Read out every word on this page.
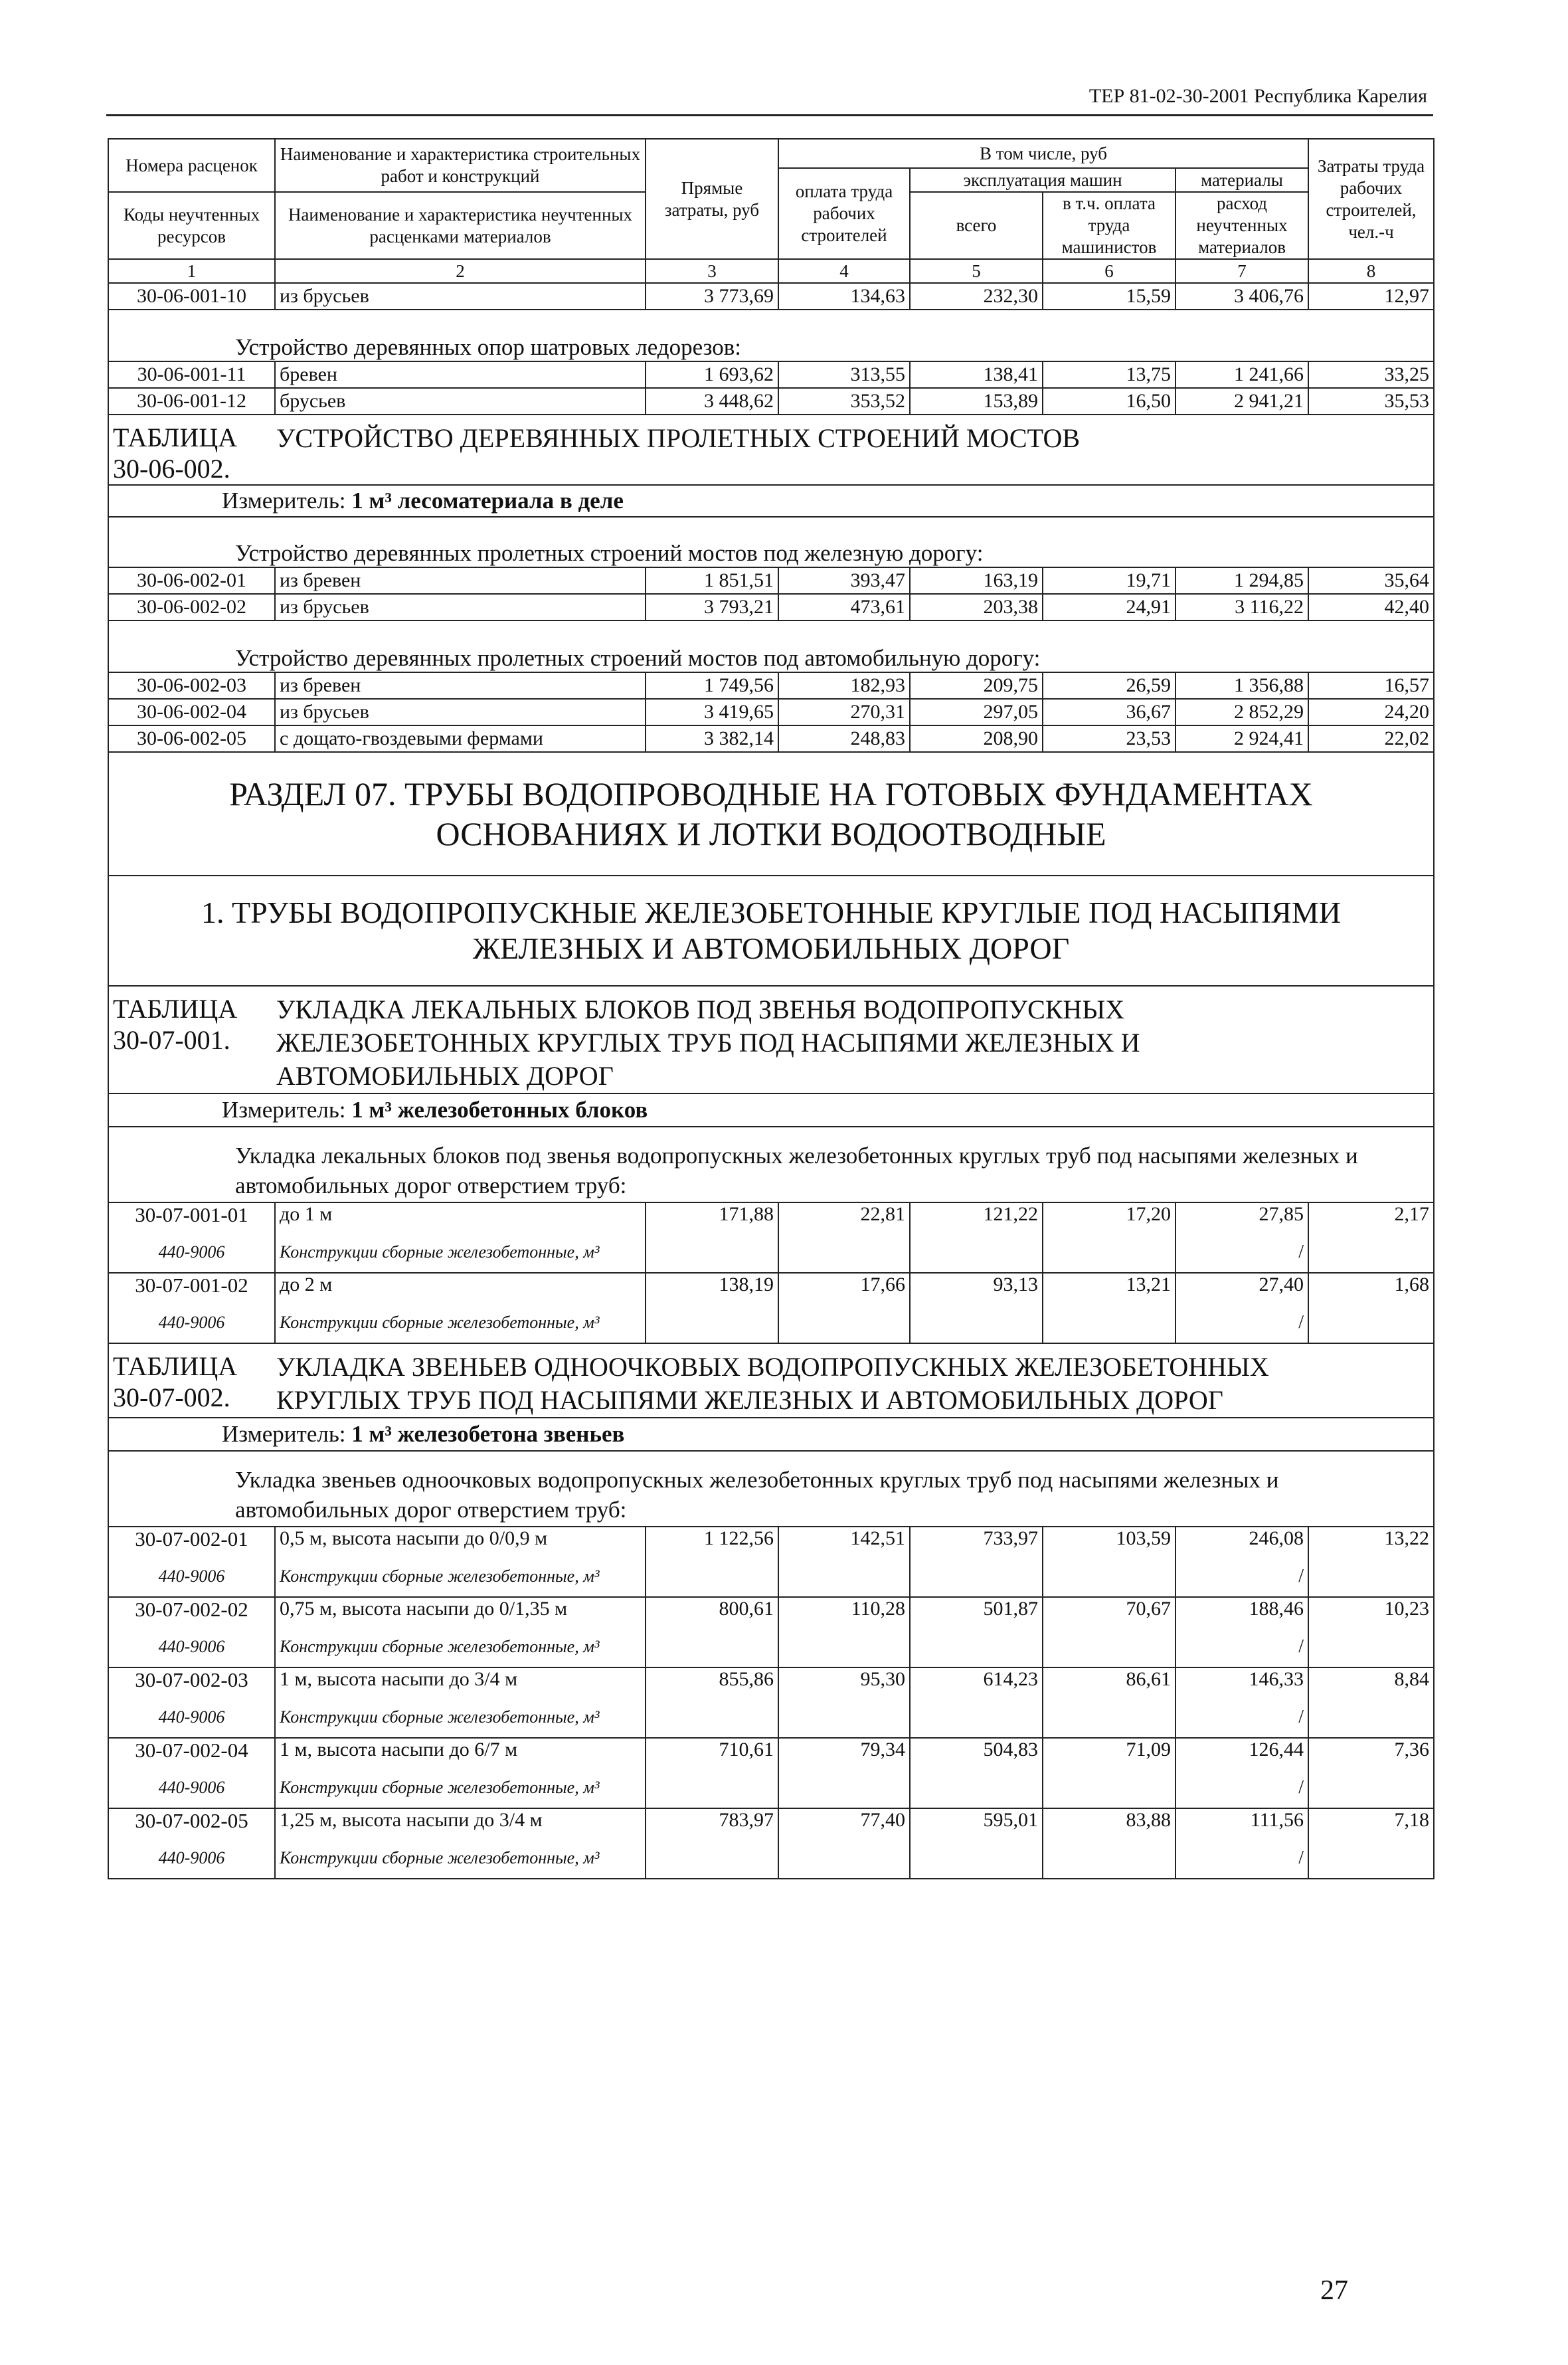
ТЕР 81-02-30-2001 Республика Карелия
Номера расценок	Наименование и характеристика строительных работ и конструкций	Прямые затраты, руб	В том числе, руб				Затраты труда рабочих строителей, чел.-ч
			оплата труда рабочих строителей	эксплуатация машин		материалы	
Коды неучтенных ресурсов	Наименование и характеристика неучтенных расценками материалов			всего	в т.ч. оплата труда машинистов	расход неучтенных материалов	

1	2	3	4	5	6	7	8
30-06-001-10	из брусьев	3 773,69	134,63	232,30	15,59	3 406,76	12,97
Устройство деревянных опор шатровых ледорезов:							
30-06-001-11	бревен	1 693,62	313,55	138,41	13,75	1 241,66	33,25
30-06-001-12	брусьев	3 448,62	353,52	153,89	16,50	2 941,21	35,53
ТАБЛИЦА 30-06-002.УСТРОЙСТВО ДЕРЕВЯННЫХ ПРОЛЕТНЫХ СТРОЕНИЙ МОСТОВ							
Измеритель: 1 м³ лесоматериала в деле							
Устройство деревянных пролетных строений мостов под железную дорогу:							
30-06-002-01	из бревен	1 851,51	393,47	163,19	19,71	1 294,85	35,64
30-06-002-02	из брусьев	3 793,21	473,61	203,38	24,91	3 116,22	42,40
Устройство деревянных пролетных строений мостов под автомобильную дорогу:							
30-06-002-03	из бревен	1 749,56	182,93	209,75	26,59	1 356,88	16,57
30-06-002-04	из брусьев	3 419,65	270,31	297,05	36,67	2 852,29	24,20
30-06-002-05	с дощато-гвоздевыми фермами	3 382,14	248,83	208,90	23,53	2 924,41	22,02

РАЗДЕЛ 07. ТРУБЫ ВОДОПРОВОДНЫЕ НА ГОТОВЫХ ФУНДАМЕНТАХ
ОСНОВАНИЯХ И ЛОТКИ ВОДООТВОДНЫЕ							

1. ТРУБЫ ВОДОПРОПУСКНЫЕ ЖЕЛЕЗОБЕТОННЫЕ КРУГЛЫЕ ПОД НАСЫПЯМИ
ЖЕЛЕЗНЫХ И АВТОМОБИЛЬНЫХ ДОРОГ							

ТАБЛИЦА 30-07-001.УКЛАДКА ЛЕКАЛЬНЫХ БЛОКОВ ПОД ЗВЕНЬЯ ВОДОПРОПУСКНЫХ ЖЕЛЕЗОБЕТОННЫХ КРУГЛЫХ ТРУБ ПОД НАСЫПЯМИ ЖЕЛЕЗНЫХ И АВТОМОБИЛЬНЫХ ДОРОГ							
Измеритель: 1 м³ железобетонных блоков							
Укладка лекальных блоков под звенья водопропускных железобетонных круглых труб под насыпями железных и автомобильных дорог отверстием труб:							
30-07-001-01	до 1 м	171,88	22,81	121,22	17,20	27,85	2,17
440-9006	Конструкции сборные железобетонные, м³					/	
30-07-001-02	до 2 м	138,19	17,66	93,13	13,21	27,40	1,68
440-9006	Конструкции сборные железобетонные, м³					/	
ТАБЛИЦА 30-07-002.УКЛАДКА ЗВЕНЬЕВ ОДНООЧКОВЫХ ВОДОПРОПУСКНЫХ ЖЕЛЕЗОБЕТОННЫХ КРУГЛЫХ ТРУБ ПОД НАСЫПЯМИ ЖЕЛЕЗНЫХ И АВТОМОБИЛЬНЫХ ДОРОГ							
Измеритель: 1 м³ железобетона звеньев							
Укладка звеньев одноочковых водопропускных железобетонных круглых труб под насыпями железных и автомобильных дорог отверстием труб:							
30-07-002-01	0,5 м, высота насыпи до 0/0,9 м	1 122,56	142,51	733,97	103,59	246,08	13,22
440-9006	Конструкции сборные железобетонные, м³					/	
30-07-002-02	0,75 м, высота насыпи до 0/1,35 м	800,61	110,28	501,87	70,67	188,46	10,23
440-9006	Конструкции сборные железобетонные, м³					/	
30-07-002-03	1 м, высота насыпи до 3/4 м	855,86	95,30	614,23	86,61	146,33	8,84
440-9006	Конструкции сборные железобетонные, м³					/	
30-07-002-04	1 м, высота насыпи до 6/7 м	710,61	79,34	504,83	71,09	126,44	7,36
440-9006	Конструкции сборные железобетонные, м³					/	
30-07-002-05	1,25 м, высота насыпи до 3/4 м	783,97	77,40	595,01	83,88	111,56	7,18
440-9006	Конструкции сборные железобетонные, м³					/	
27
